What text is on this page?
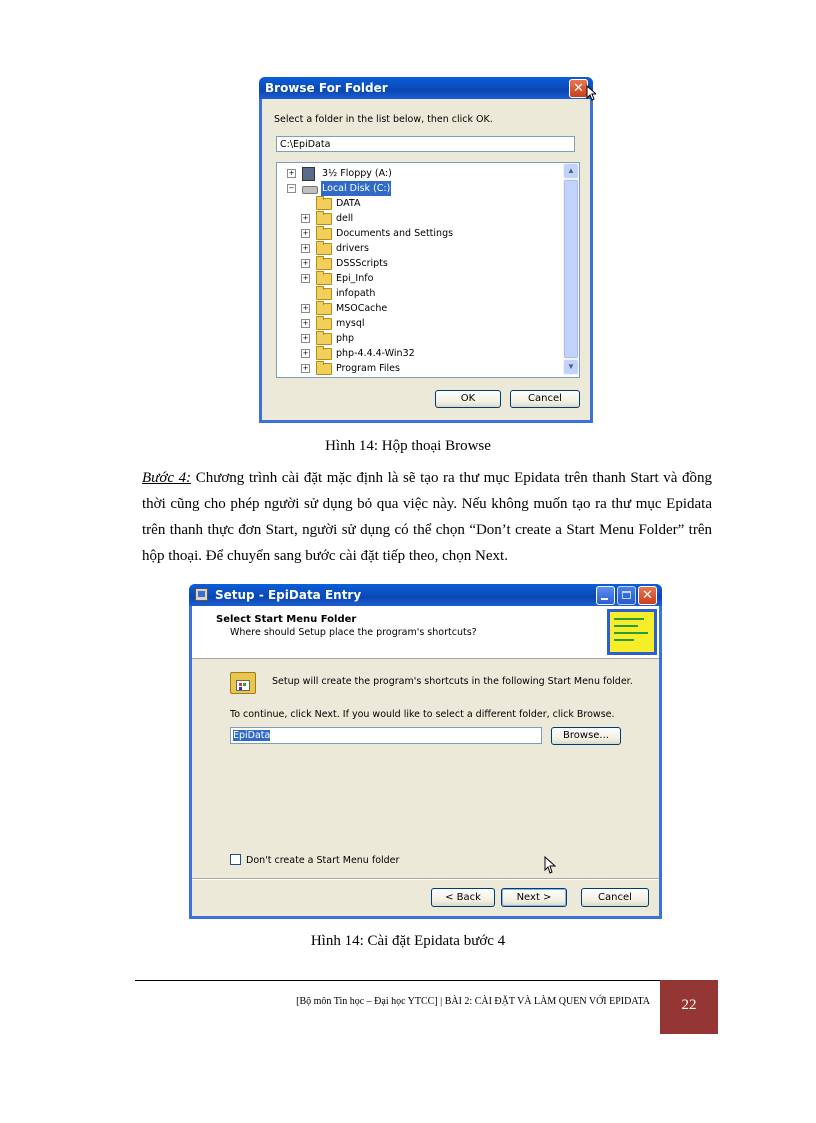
Browse For Folder	✕
Select a folder in the list below, then click OK.
C:\EpiData
+	3½ Floppy (A:)
−	Local Disk (C:)
DATA
+	dell
+	Documents and Settings
+	drivers
+	DSSScripts
+	Epi_Info
infopath
+	MSOCache
+	mysql
+	php
+	php-4.4.4-Win32
+	Program Files
▲
▼
OK	Cancel
Hình 14: Hộp thoại Browse
Bước 4: Chương trình cài đặt mặc định là sẽ tạo ra thư mục Epidata trên thanh Start và đồng thời cũng cho phép người sử dụng bỏ qua việc này. Nếu không muốn tạo ra thư mục Epidata trên thanh thực đơn Start, người sử dụng có thể chọn “Don’t create a Start Menu Folder” trên hộp thoại. Để chuyển sang bước cài đặt tiếp theo, chọn Next.
Setup - EpiData Entry	✕
Select Start Menu Folder
Where should Setup place the program's shortcuts?
Setup will create the program's shortcuts in the following Start Menu folder.
To continue, click Next. If you would like to select a different folder, click Browse.
EpiData	Browse...
Don't create a Start Menu folder
< Back	Next >	Cancel
Hình 14: Cài đặt Epidata bước 4
[Bộ môn Tin học – Đại học YTCC] | BÀI 2: CÀI ĐẶT VÀ LÀM QUEN VỚI EPIDATA	22
